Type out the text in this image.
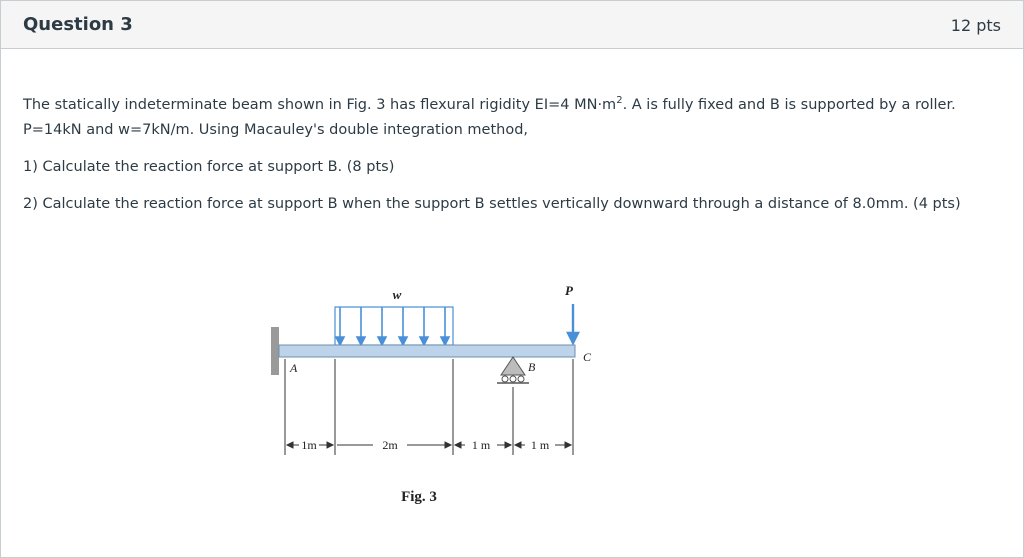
Question 3	12 pts

The statically indeterminate beam shown in Fig. 3 has flexural rigidity EI=4 $MN\cdot m^2$. A is fully fixed and B is supported by a roller. P=14kN and w=7kN/m. Using Macauley's double integration method,

1) Calculate the reaction force at support B. (8 pts)

2) Calculate the reaction force at support B when the support B settles vertically downward through a distance of 8.0mm. (4 pts)

w	P
A	B
C
1m	2m	1 m	1 m
Fig. 3
